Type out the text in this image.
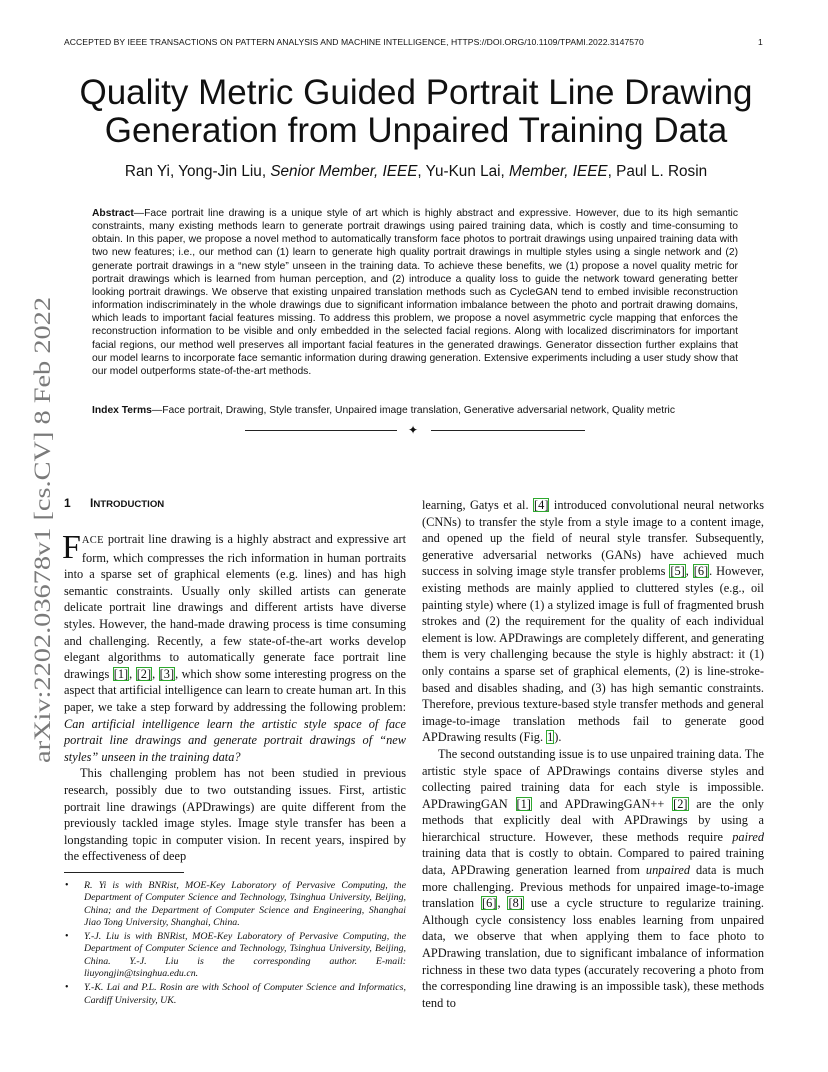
ACCEPTED BY IEEE TRANSACTIONS ON PATTERN ANALYSIS AND MACHINE INTELLIGENCE, HTTPS://DOI.ORG/10.1109/TPAMI.2022.3147570	1
Quality Metric Guided Portrait Line Drawing
Generation from Unpaired Training Data
Ran Yi, Yong-Jin Liu, Senior Member, IEEE, Yu-Kun Lai, Member, IEEE, Paul L. Rosin
Abstract—Face portrait line drawing is a unique style of art which is highly abstract and expressive. However, due to its high semantic constraints, many existing methods learn to generate portrait drawings using paired training data, which is costly and time-consuming to obtain. In this paper, we propose a novel method to automatically transform face photos to portrait drawings using unpaired training data with two new features; i.e., our method can (1) learn to generate high quality portrait drawings in multiple styles using a single network and (2) generate portrait drawings in a “new style” unseen in the training data. To achieve these benefits, we (1) propose a novel quality metric for portrait drawings which is learned from human perception, and (2) introduce a quality loss to guide the network toward generating better looking portrait drawings. We observe that existing unpaired translation methods such as CycleGAN tend to embed invisible reconstruction information indiscriminately in the whole drawings due to significant information imbalance between the photo and portrait drawing domains, which leads to important facial features missing. To address this problem, we propose a novel asymmetric cycle mapping that enforces the reconstruction information to be visible and only embedded in the selected facial regions. Along with localized discriminators for important facial regions, our method well preserves all important facial features in the generated drawings. Generator dissection further explains that our model learns to incorporate face semantic information during drawing generation. Extensive experiments including a user study show that our model outperforms state-of-the-art methods.
Index Terms—Face portrait, Drawing, Style transfer, Unpaired image translation, Generative adversarial network, Quality metric
✦
arXiv:2202.03678v1 [cs.CV] 8 Feb 2022 1 INTRODUCTION

FACE portrait line drawing is a highly abstract and expressive art form, which compresses the rich information in human portraits into a sparse set of graphical elements (e.g. lines) and has high semantic constraints. Usually only skilled artists can generate delicate portrait line drawings and different artists have diverse styles. However, the hand-made drawing process is time consuming and challenging. Recently, a few state-of-the-art works develop elegant algorithms to automatically generate face portrait line drawings [1], [2], [3], which show some interesting progress on the aspect that artificial intelligence can learn to create human art. In this paper, we take a step forward by addressing the following problem: Can artificial intelligence learn the artistic style space of face portrait line drawings and generate portrait drawings of “new styles” unseen in the training data?

This challenging problem has not been studied in previous research, possibly due to two outstanding issues. First, artistic portrait line drawings (APDrawings) are quite different from the previously tackled image styles. Image style transfer has been a longstanding topic in computer vision. In recent years, inspired by the effectiveness of deep

learning, Gatys et al. [4] introduced convolutional neural networks (CNNs) to transfer the style from a style image to a content image, and opened up the field of neural style transfer. Subsequently, generative adversarial networks (GANs) have achieved much success in solving image style transfer problems [5], [6]. However, existing methods are mainly applied to cluttered styles (e.g., oil painting style) where (1) a stylized image is full of fragmented brush strokes and (2) the requirement for the quality of each individual element is low. APDrawings are completely different, and generating them is very challenging because the style is highly abstract: it (1) only contains a sparse set of graphical elements, (2) is line-stroke-based and disables shading, and (3) has high semantic constraints. Therefore, previous texture-based style transfer methods and general image-to-image translation methods fail to generate good APDrawing results (Fig. 1).

The second outstanding issue is to use unpaired training data. The artistic style space of APDrawings contains diverse styles and collecting paired training data for each style is impossible. APDrawingGAN [1] and APDrawingGAN++ [2] are the only methods that explicitly deal with APDrawings by using a hierarchical structure. However, these methods require paired training data that is costly to obtain. Compared to paired training data, APDrawing generation learned from unpaired data is much more challenging. Previous methods for unpaired image-to-image translation [6], [8] use a cycle structure to regularize training. Although cycle consistency loss enables learning from unpaired data, we observe that when applying them to face photo to APDrawing translation, due to significant imbalance of information richness in these two data types (accurately recovering a photo from the corresponding line drawing is an impossible task), these methods tend to

• R. Yi is with BNRist, MOE-Key Laboratory of Pervasive Computing, the Department of Computer Science and Technology, Tsinghua University, Beijing, China; and the Department of Computer Science and Engineering, Shanghai Jiao Tong University, Shanghai, China.
• Y.-J. Liu is with BNRist, MOE-Key Laboratory of Pervasive Computing, the Department of Computer Science and Technology, Tsinghua University, Beijing, China. Y.-J. Liu is the corresponding author. E-mail: liuyongjin@tsinghua.edu.cn.
• Y.-K. Lai and P.L. Rosin are with School of Computer Science and Informatics, Cardiff University, UK.
